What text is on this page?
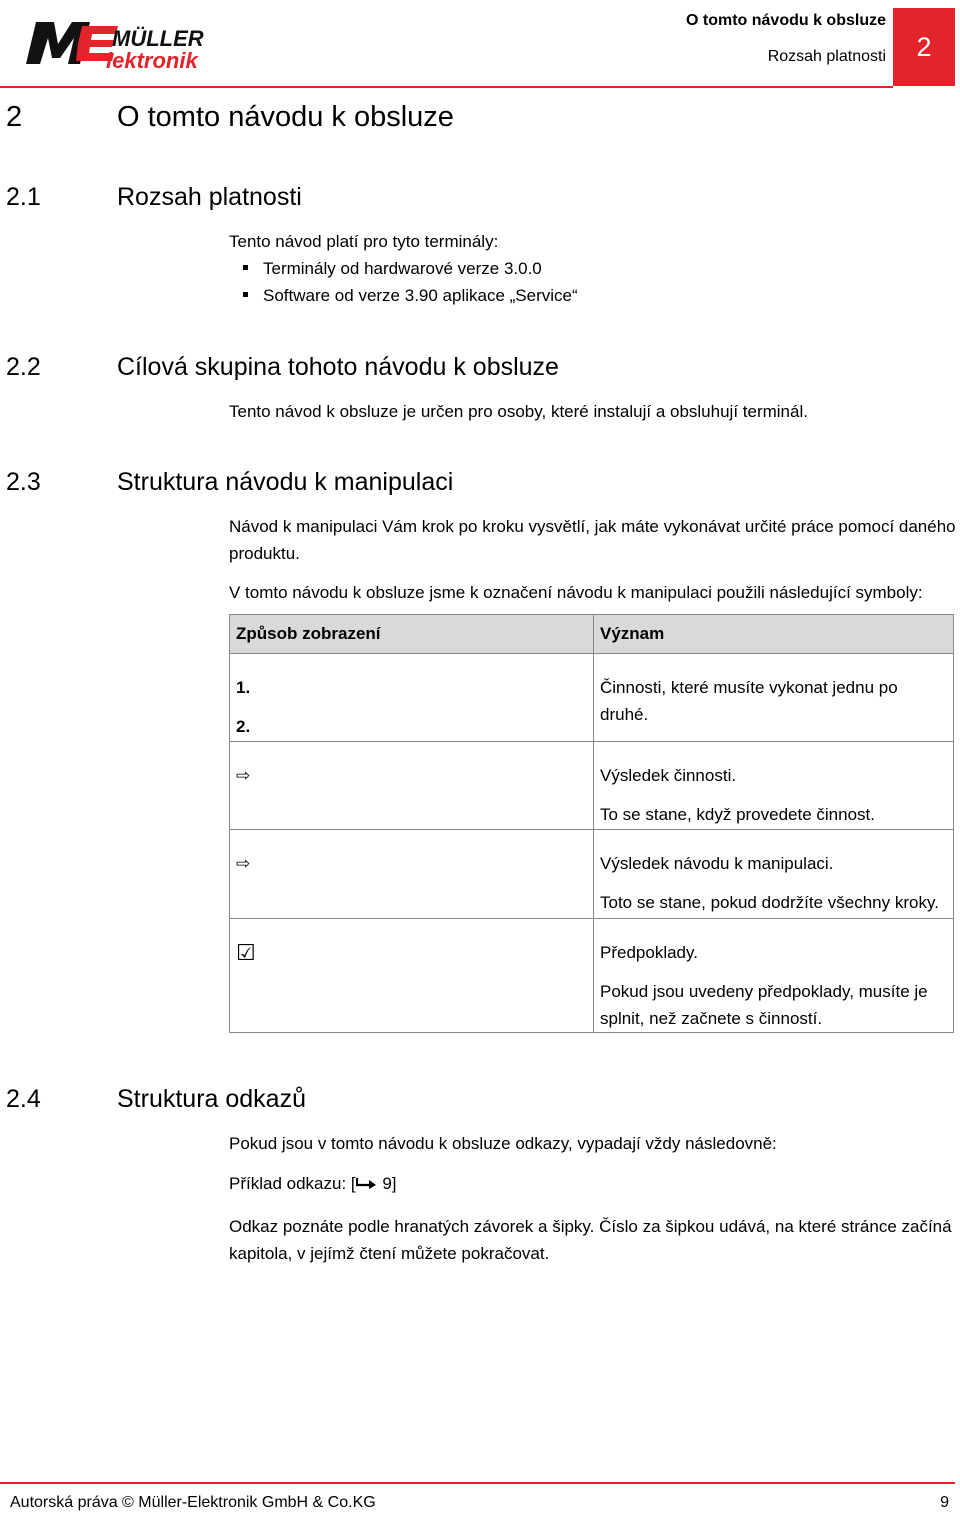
MÜLLER
lektronik
O tomto návodu k obsluze
Rozsah platnosti	2
2	O tomto návodu k obsluze
2.1	Rozsah platnosti
Tento návod platí pro tyto terminály:
Terminály od hardwarové verze 3.0.0
Software od verze 3.90 aplikace „Service“
2.2	Cílová skupina tohoto návodu k obsluze
Tento návod k obsluze je určen pro osoby, které instalují a obsluhují terminál.
2.3	Struktura návodu k manipulaci
Návod k manipulaci Vám krok po kroku vysvětlí, jak máte vykonávat určité práce pomocí daného
produktu.
V tomto návodu k obsluze jsme k označení návodu k manipulaci použili následující symboly:
Způsob zobrazení	Význam

1.
2.	Činnosti, které musíte vykonat jednu po druhé.

⇨	Výsledek činnosti.
To se stane, když provedete činnost.

⇨	Výsledek návodu k manipulaci.
Toto se stane, pokud dodržíte všechny kroky.

☑	Předpoklady.
Pokud jsou uvedeny předpoklady, musíte je
splnit, než začnete s činností.
2.4	Struktura odkazů
Pokud jsou v tomto návodu k obsluze odkazy, vypadají vždy následovně:
Příklad odkazu: [ 9]
Odkaz poznáte podle hranatých závorek a šipky. Číslo za šipkou udává, na které stránce začíná
kapitola, v jejímž čtení můžete pokračovat.
Autorská práva © Müller-Elektronik GmbH & Co.KG	9
